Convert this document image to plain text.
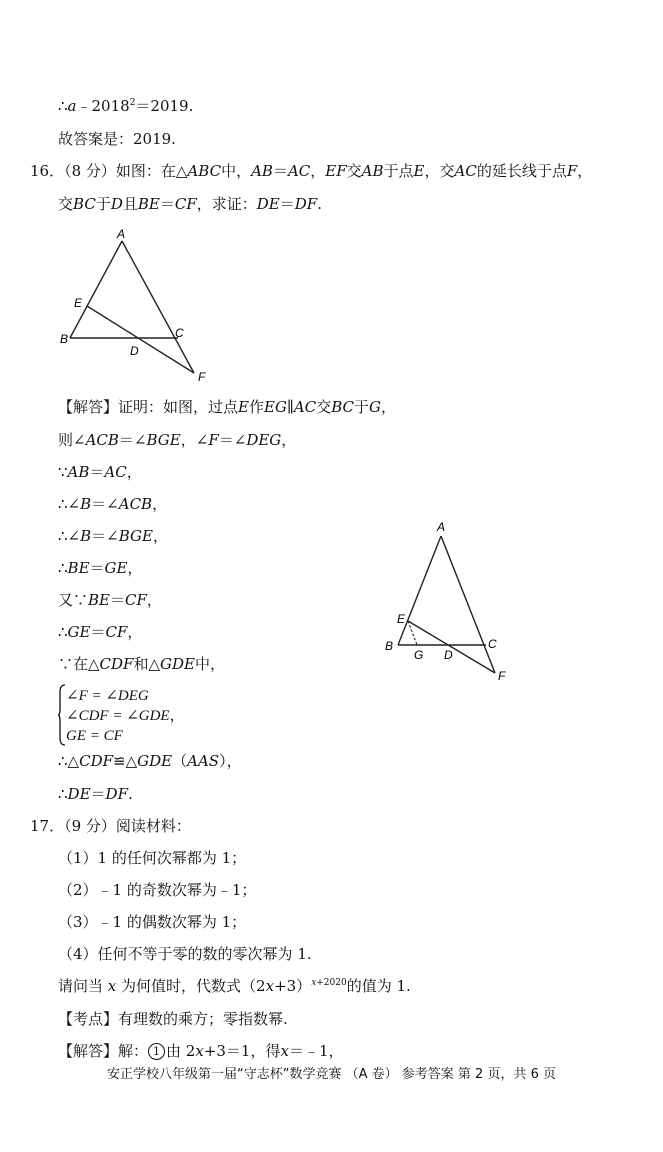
$\therefore a﹣2018^2=2019$.
故答案是：2019.
16．（8 分）如图：在△ABC中，AB＝AC，EF交AB于点E，交AC的延长线于点F，
交BC于D且BE＝CF，求证：DE＝DF.
A
E
B	C
D
F
【解答】证明：如图，过点E作EG∥AC交BC于G，
则∠ACB＝∠BGE，∠F＝∠DEG，
∵AB＝AC，
∴∠B＝∠ACB，
∴∠B＝∠BGE，
∴BE＝GE，
又∵BE＝CF，
∴GE＝CF，
∵在△CDF和△GDE中，
∠F = ∠DEG
∠CDF = ∠GDE，
GE = CF
∴△CDF≌△GDE（AAS），
∴DE＝DF.
A
E
B
G D
C
F
17．（9 分）阅读材料：
（1）1 的任何次幂都为 1；
（2）﹣1 的奇数次幂为﹣1；
（3）﹣1 的偶数次幂为 1；
（4）任何不等于零的数的零次幂为 1.
请问当 x 为何值时，代数式$(2x+3)^{x+2020}$的值为 1.
【考点】有理数的乘方；零指数幂.
【解答】解： 1 由 2x+3＝1，得x＝﹣1，
安正学校八年级第一届“守志杯”数学竞赛 （A 卷） 参考答案 第 2 页，共 6 页
